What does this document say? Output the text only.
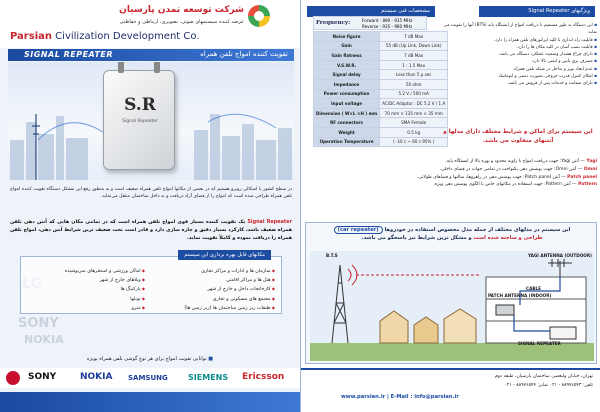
شرکت توسعه تمدن پارسیان
عرضه کننده سیستمهای صوتی، تصویری، ارتباطی و حفاظتی
Parsian Civilization Development Co.
SIGNAL REPEATER	تقویت کننده امواج تلفن همراه
S.R
Signal Repeater
در سطح کشور با اشکالی روبرو هستیم که در بعضی از مکانها امواج تلفن همراه ضعیف است و به منظور رفع این مشکل دستگاه تقویت کننده امواج تلفن همراه طراحی شده است که امواج را از فضای آزاد دریافت و به داخل ساختمان منتقل می‌نماید.
Signal Repeater یک تقویت کننده بسیار قوی امواج تلفن همراه است که در تمامی مکان هایی که آنتن دهی تلفن همراه ضعیف باشد، کارکرد بسیار دقیق و چاره سازی دارد و قادر است تحت ضعیف ترین شرایط آنتن دهی، امواج تلفن همراه را دریافت نموده و کاملاً تقویت نماید.
SONY
NOKIA
مکانهای قابل بهره برداری این سیستم
◆ سازمان ها و ادارات و مراکز تجاری
◆ هتل ها و مراکز اقامتی
◆ کارخانجات داخل و خارج از شهر
◆ مجتمع های مسکونی و تجاری
◆ طبقات زیر زمین ساختمان ها (زیر زمین ها)
◆ اماکن ورزشی و استخرهای سرپوشیده
◆ ویلاهای خارج از شهر
◆ پارکینگ ها
◆ تونلها
◆ مترو
■ توانایی تقویت امواج برای هر نوع گوشی تلفن همراه بویژه
SONY	NOKIA SAMSUNG	SIEMENS Ericsson
مشخصات فنی سیستم	ویژگیهای Signal Repeater
Frequency:	Forward : 890 - 915 MHz
Reverse : 935 - 960 MHz
Noise figure	7 dB Max
Gain	55 dB (Up Link, Down Link)
Gain flatness	7 dB Max
V.S.W.R.	1 : 1.5 Max
Signal delay	Less than 5 µ sec
Impedance	50 ohm
Power consumption	5.2 V / 500 mA
Input voltage	AC/DC Adaptor : DC 5.2 V / 1 A
Dimension ( W×L ×H ) mm	70 mm × 135 mm × 35 mm
RF connectors	SMA Female
Weight	0.5 kg
Operation Temperature	( -10 c ~ 60 c 95% )
▪ این دستگاه به طور مستقیم با دریافت امواج از ایستگاه پایه (BTS) آنها را تقویت می نماید.
▪ قابلیت راه اندازی با کلیه اپراتورهای تلفن همراه را دارد.
▪ قابلیت نصب آسان در کلیه مکان ها را دارد.
▪ دارای چراغ هشدار وضعیت عملکرد دستگاه می باشد.
▪ مصرف برق پایین و ایمنی بالا دارد.
▪ عدم ایجاد نویز و تداخل در شبکه تلفن همراه.
▪ امکان کنترل قدرت خروجی بصورت دستی و اتوماتیک.
▪ دارای ضمانت و خدمات پس از فروش می باشد.
این سیستم برای اماکن و شرایط مختلف دارای مدلها و آنتنهای متفاوت می باشد.
Yagi — آنتن Yagi: جهت دریافت امواج با زاویه محدود و بهره بالا از ایستگاه پایه.
Omni — آنتن Omni: جهت پوشش دهی یکنواخت در تمامی جهات در فضای داخلی.
Patch panel — آنتن Patch panel: جهت پوشش دهی در راهروها، سالنها و فضاهای طولانی.
Pattern — آنتن Pattern: جهت استفاده در مکانهای خاص با الگوی پوشش دهی ویژه.
این سیستم در مدلهای مختلف از جمله مدل مخصوص استفاده در خودروها (car repeater)
طراحی و ساخته شده است و مشکل ترین شرایط نیز پاسخگو می باشد.
B.T.S	YAGI ANTENNA (OUTDOOR)
PATCH ANTENNA (INDOOR)
CABLE
SIGNAL REPEATER
تهران، خیابان ولیعصر، ساختمان پارسیان، طبقه دوم
تلفن: ۸۸۹۷۶۵۴۳ - ۰۲۱ نمابر: ۸۸۹۷۶۵۴۴ - ۰۲۱
www.parsian.ir | E-Mail : info@parsian.ir
